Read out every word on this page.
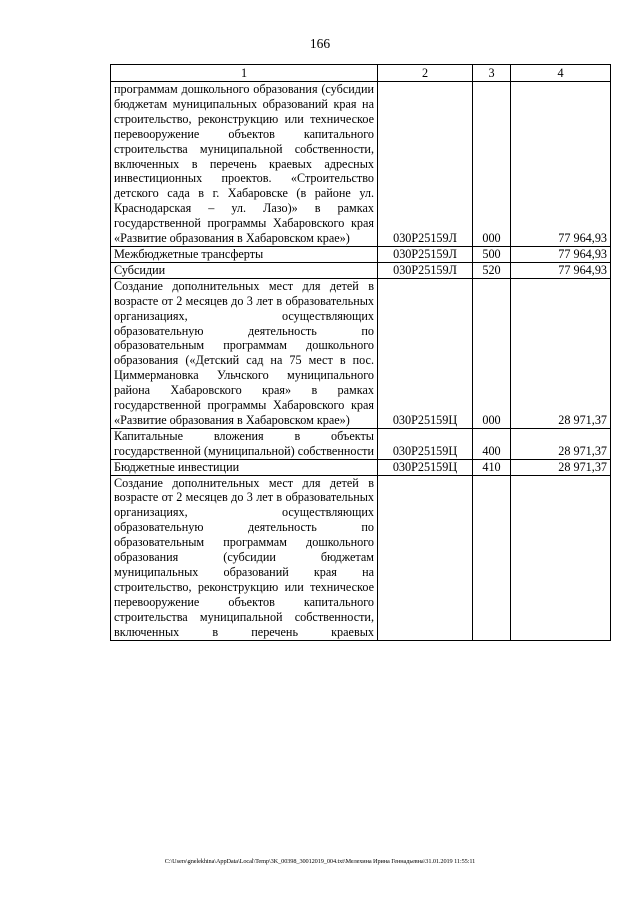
166
1	2	3	4
программам дошкольного образования (субсидии бюджетам муниципальных образований края на строительство, реконструкцию или техническое перевооружение объектов капитального строительства муниципальной собственности, включенных в перечень краевых адресных инвестиционных проектов. «Строительство детского сада в г. Хабаровске (в районе ул. Краснодарская – ул. Лазо)» в рамках государственной программы Хабаровского края «Развитие образования в Хабаровском крае»)	030Р25159Л	000	77 964,93
Межбюджетные трансферты	030Р25159Л	500	77 964,93
Субсидии	030Р25159Л	520	77 964,93
Создание дополнительных мест для детей в возрасте от 2 месяцев до 3 лет в образовательных организациях, осуществляющих образовательную деятельность по образовательным программам дошкольного образования («Детский сад на 75 мест в пос. Циммермановка Ульчского муниципального района Хабаровского края» в рамках государственной программы Хабаровского края «Развитие образования в Хабаровском крае»)	030Р25159Ц	000	28 971,37
Капитальные вложения в объекты государственной (муниципальной) собственности	030Р25159Ц	400	28 971,37
Бюджетные инвестиции	030Р25159Ц	410	28 971,37
Создание дополнительных мест для детей в возрасте от 2 месяцев до 3 лет в образовательных организациях, осуществляющих образовательную деятельность по образовательным программам дошкольного образования (субсидии бюджетам муниципальных образований края на строительство, реконструкцию или техническое перевооружение объектов капитального строительства муниципальной собственности, включенных в перечень краевых			
C:\Users\gnelekhina\AppData\Local\Temp\3K_00398_30012019_004.txt\Мелехина Ирина Геннадьевна\31.01.2019 11:55:11
